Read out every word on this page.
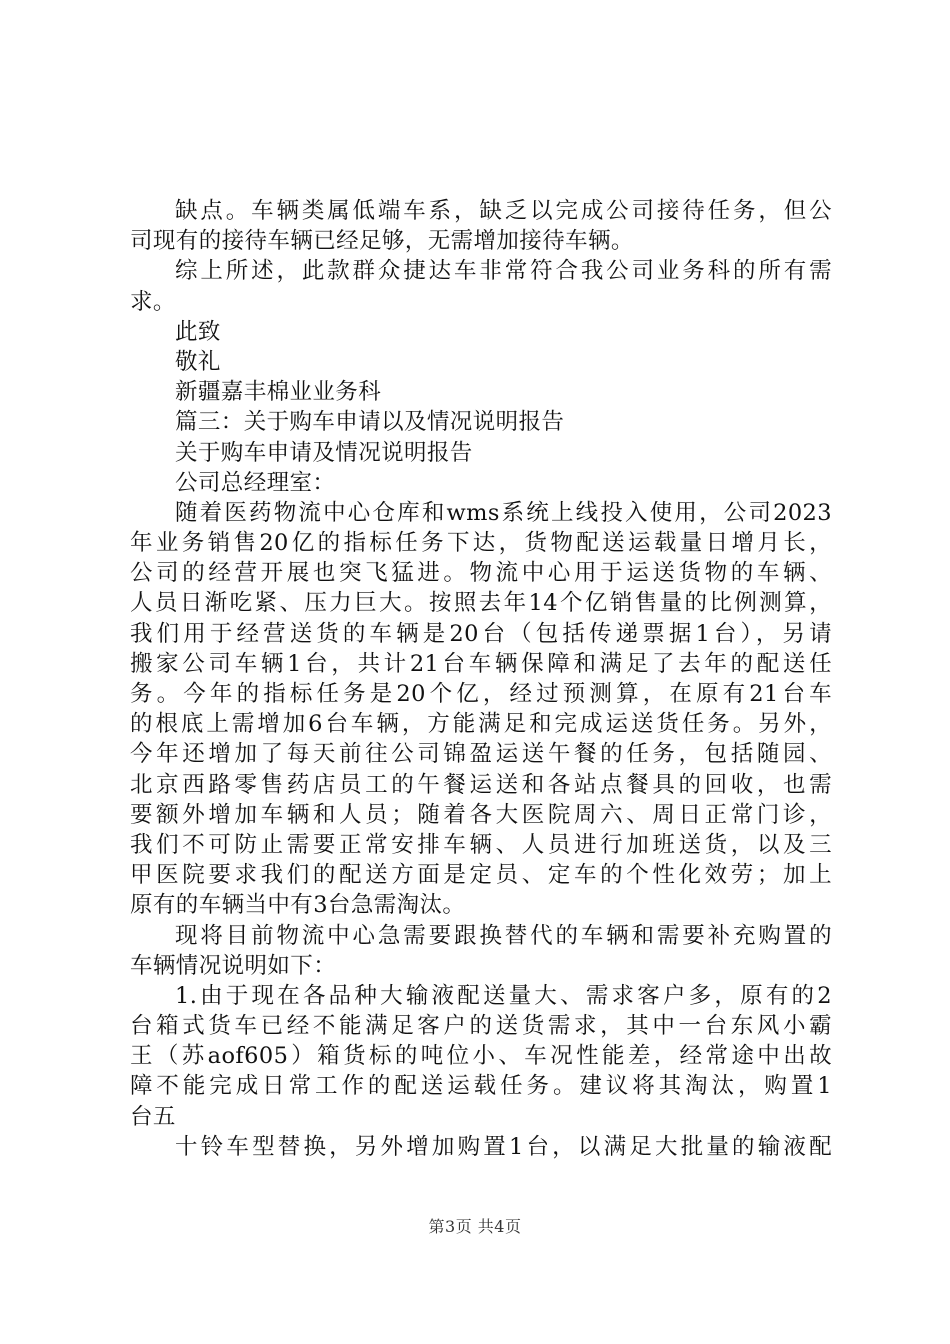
缺点。车辆类属低端车系，缺乏以完成公司接待任务，但公
司现有的接待车辆已经足够，无需增加接待车辆。
综上所述，此款群众捷达车非常符合我公司业务科的所有需
求。
此致
敬礼
新疆嘉丰棉业业务科
篇三：关于购车申请以及情况说明报告
关于购车申请及情况说明报告
公司总经理室：
随着医药物流中心仓库和wms系统上线投入使用，公司2023
年业务销售20亿的指标任务下达，货物配送运载量日增月长，
公司的经营开展也突飞猛进。物流中心用于运送货物的车辆、
人员日渐吃紧、压力巨大。按照去年14个亿销售量的比例测算，
我们用于经营送货的车辆是20台（包括传递票据1台），另请
搬家公司车辆1台，共计21台车辆保障和满足了去年的配送任
务。今年的指标任务是20个亿，经过预测算，在原有21台车
的根底上需增加6台车辆，方能满足和完成运送货任务。另外，
今年还增加了每天前往公司锦盈运送午餐的任务，包括随园、
北京西路零售药店员工的午餐运送和各站点餐具的回收，也需
要额外增加车辆和人员；随着各大医院周六、周日正常门诊，
我们不可防止需要正常安排车辆、人员进行加班送货，以及三
甲医院要求我们的配送方面是定员、定车的个性化效劳；加上
原有的车辆当中有3台急需淘汰。
现将目前物流中心急需要跟换替代的车辆和需要补充购置的
车辆情况说明如下：
1.由于现在各品种大输液配送量大、需求客户多，原有的2
台箱式货车已经不能满足客户的送货需求，其中一台东风小霸
王（苏aof605）箱货标的吨位小、车况性能差，经常途中出故
障不能完成日常工作的配送运载任务。建议将其淘汰，购置1
台五
十铃车型替换，另外增加购置1台，以满足大批量的输液配
第3页 共4页
